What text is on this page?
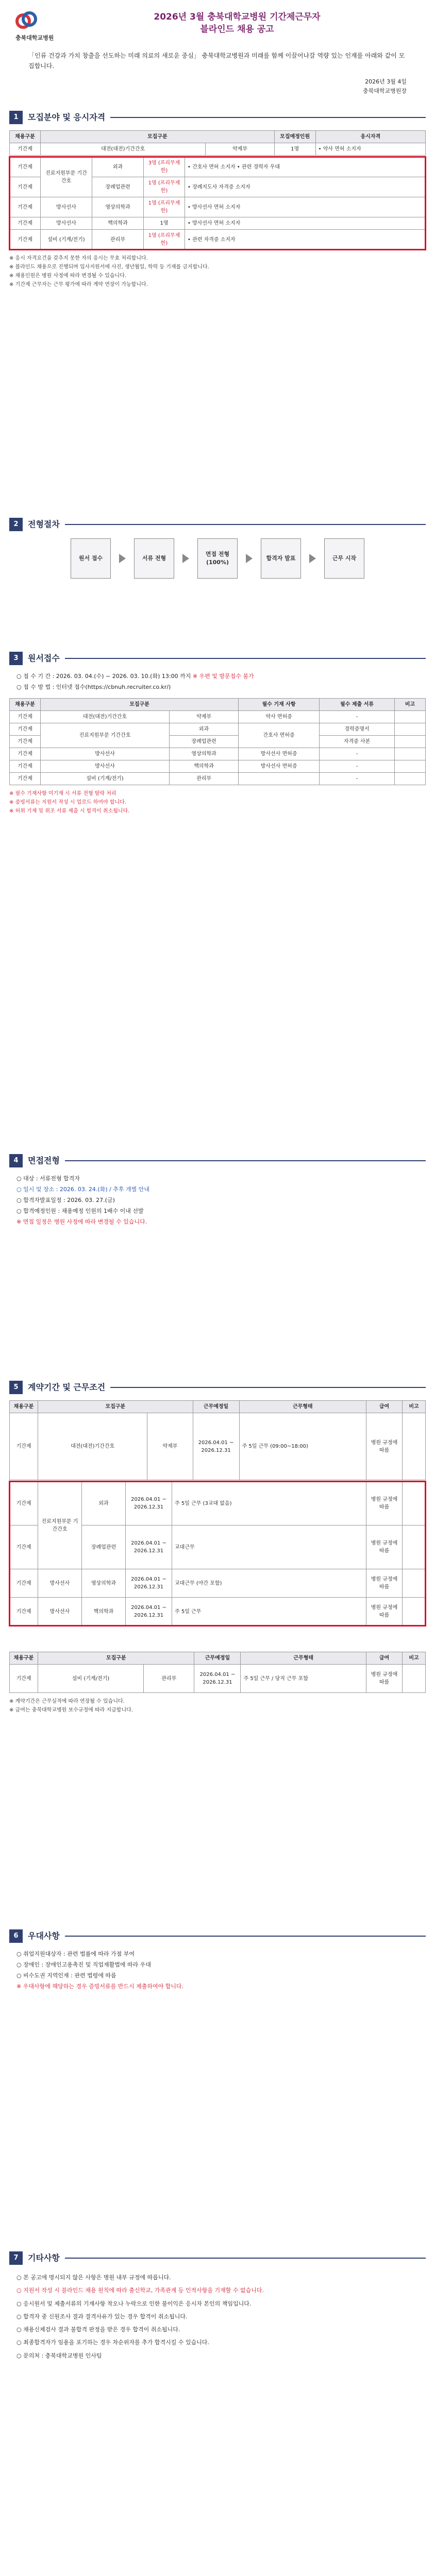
충북대학교병원
2026년 3월 충북대학교병원 기간제근무자
블라인드 채용 공고
「인류 건강과 가치 창출을 선도하는 미래 의료의 새로운 중심」 충북대학교병원과 미래를 함께 이끌어나갈 역량 있는 인재를 아래와 같이 모집합니다.
2026년 3월 4일
충북대학교병원장
1	모집분야 및 응시자격
채용구분	모집구분		모집예정인원	응시자격
기간제	대전(대전)기간간호	약제부	1명	• 약사 면허 소지자
기간제	진료지원부문 기간간호	외과	3명 (프리무제한)	• 간호사 면허 소지자 • 관련 경력자 우대
기간제		장례업관련	1명 (프리무제한)	• 장례지도사 자격증 소지자
기간제	방사선사	영상의학과	1명 (프리무제한)	• 방사선사 면허 소지자
기간제	방사선사	핵의학과	1명	• 방사선사 면허 소지자
기간제	설비 (기계/전기)	관리부	1명 (프리무제한)	• 관련 자격증 소지자
※ 응시 자격요건을 갖추지 못한 자의 응시는 무효 처리합니다.
※ 블라인드 채용으로 진행되며 입사지원서에 사진, 생년월일, 학력 등 기재를 금지합니다.
※ 채용인원은 병원 사정에 따라 변경될 수 있습니다.
※ 기간제 근무자는 근무 평가에 따라 계약 연장이 가능합니다.
2	전형절차
원서 접수	서류 전형
면접 전형 (100%)
합격자 발표	근무 시작
3	원서접수
○ 접 수 기 간 : 2026. 03. 04.(수) ~ 2026. 03. 10.(화) 13:00 까지 ※ 우편 및 방문접수 불가
○ 접 수 방 법 : 인터넷 접수(https://cbnuh.recruiter.co.kr/)
채용구분	모집구분		필수 기재 사항	필수 제출 서류	비고
기간제	대전(대전)기간간호	약제부	약사 면허증	-	
기간제	진료지원부문 기간간호	외과	간호사 면허증	경력증명서	
기간제		장례업관련		자격증 사본	
기간제	방사선사	영상의학과	방사선사 면허증	-	
기간제	방사선사	핵의학과	방사선사 면허증	-	
기간제	설비 (기계/전기)	관리부		-	
※ 필수 기재사항 미기재 시 서류 전형 탈락 처리
※ 증빙서류는 지원서 작성 시 업로드 하여야 합니다.
※ 허위 기재 및 위조 서류 제출 시 합격이 취소됩니다.
4	면접전형
○ 대상 : 서류전형 합격자
○ 일시 및 장소 : 2026. 03. 24.(화) / 추후 개별 안내
○ 합격자발표일정 : 2026. 03. 27.(금)
○ 합격예정인원 : 채용예정 인원의 1배수 이내 선발
※ 면접 일정은 병원 사정에 따라 변경될 수 있습니다.
5	계약기간 및 근무조건
채용구분	모집구분		근무예정일	근무형태	급여	비고
기간제	대전(대전)기간간호	약제부	2026.04.01 ~ 2026.12.31	주 5일 근무 (09:00~18:00)	병원 규정에 따름	
기간제	진료지원부문 기간간호	외과	2026.04.01 ~ 2026.12.31	주 5일 근무 (3교대 없음)	병원 규정에 따름	
기간제		장례업관련	2026.04.01 ~ 2026.12.31	교대근무	병원 규정에 따름	
기간제	방사선사	영상의학과	2026.04.01 ~ 2026.12.31	교대근무 (야간 포함)	병원 규정에 따름	
기간제	방사선사	핵의학과	2026.04.01 ~ 2026.12.31	주 5일 근무	병원 규정에 따름	
채용구분	모집구분		근무예정일	근무형태	급여	비고
기간제	설비 (기계/전기)	관리부	2026.04.01 ~ 2026.12.31	주 5일 근무 / 당직 근무 포함	병원 규정에 따름	
※ 계약기간은 근무실적에 따라 연장될 수 있습니다.
※ 급여는 충북대학교병원 보수규정에 따라 지급합니다.
6	우대사항
○ 취업지원대상자 : 관련 법률에 따라 가점 부여
○ 장애인 : 장애인고용촉진 및 직업재활법에 따라 우대
○ 비수도권 지역인재 : 관련 법령에 따름
※ 우대사항에 해당하는 경우 증빙서류를 반드시 제출하여야 합니다.
7	기타사항
○ 본 공고에 명시되지 않은 사항은 병원 내부 규정에 따릅니다.
○ 지원서 작성 시 블라인드 채용 원칙에 따라 출신학교, 가족관계 등 인적사항을 기재할 수 없습니다.
○ 응시원서 및 제출서류의 기재사항 착오나 누락으로 인한 불이익은 응시자 본인의 책임입니다.
○ 합격자 중 신원조사 결과 결격사유가 있는 경우 합격이 취소됩니다.
○ 채용신체검사 결과 불합격 판정을 받은 경우 합격이 취소됩니다.
○ 최종합격자가 임용을 포기하는 경우 차순위자를 추가 합격시킬 수 있습니다.
○ 문의처 : 충북대학교병원 인사팀
